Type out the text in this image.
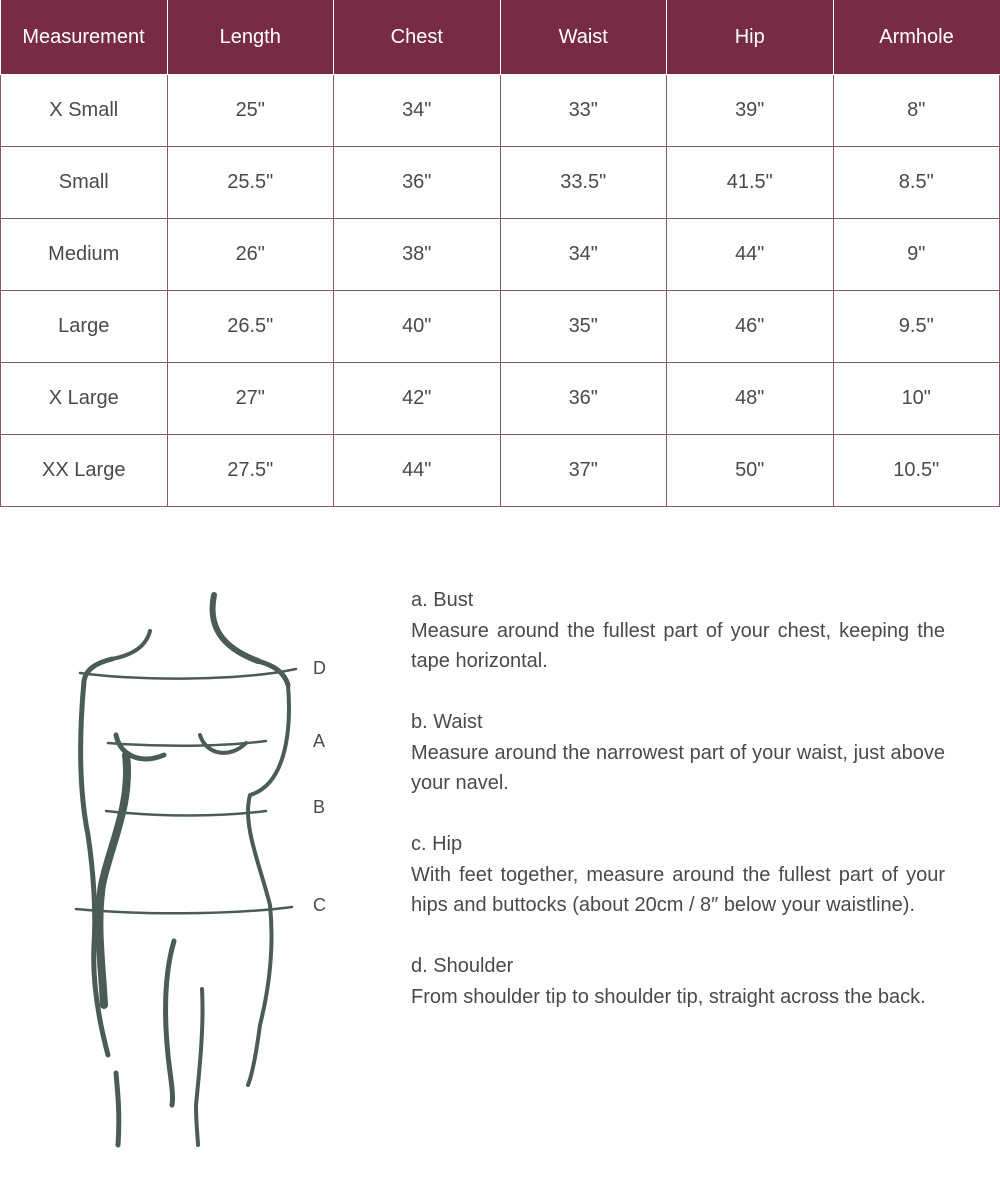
Measurement	Length	Chest	Waist	Hip	Armhole
X Small	25"	34"	33"	39"	8"
Small	25.5"	36"	33.5"	41.5"	8.5"
Medium	26"	38"	34"	44"	9"
Large	26.5"	40"	35"	46"	9.5"
X Large	27"	42"	36"	48"	10"
XX Large	27.5"	44"	37"	50"	10.5"
D
A
B
C
a. Bust
Measure around the fullest part of your chest, keeping the tape horizontal.
b. Waist
Measure around the narrowest part of your waist, just above your navel.
c. Hip
With feet together, measure around the fullest part of your hips and buttocks (about 20cm / 8″ below your waistline).
d. Shoulder
From shoulder tip to shoulder tip, straight across the back.
